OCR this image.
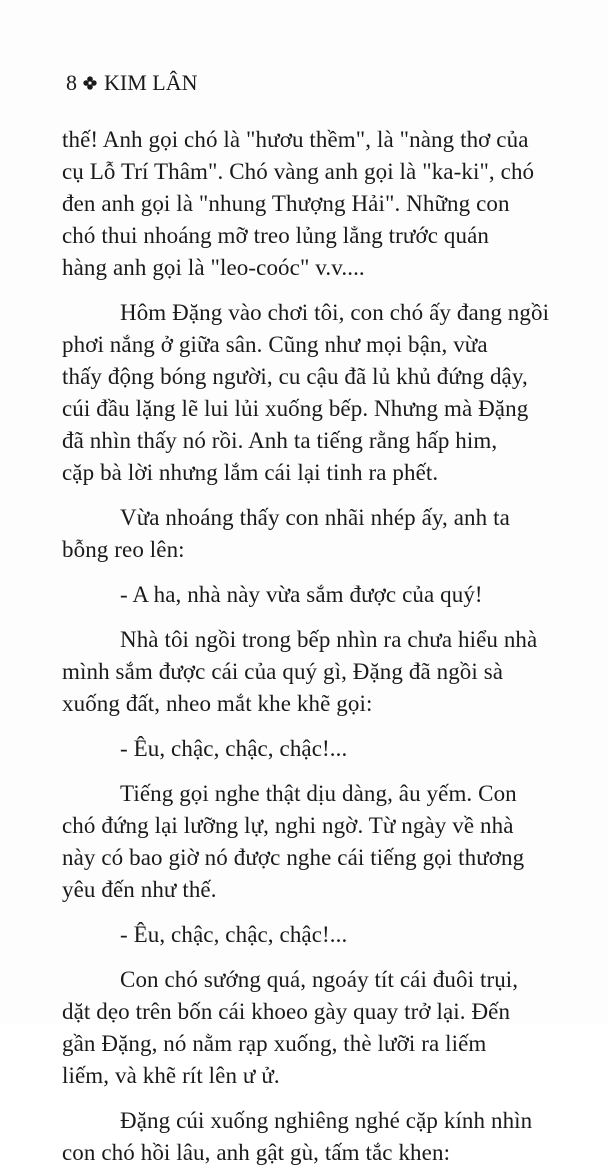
8 KIM LÂN
thế! Anh gọi chó là "hươu thềm", là "nàng thơ của
cụ Lỗ Trí Thâm". Chó vàng anh gọi là "ka-ki", chó
đen anh gọi là "nhung Thượng Hải". Những con
chó thui nhoáng mỡ treo lủng lẳng trước quán
hàng anh gọi là "leo-coóc" v.v....
Hôm Đặng vào chơi tôi, con chó ấy đang ngồi
phơi nắng ở giữa sân. Cũng như mọi bận, vừa
thấy động bóng người, cu cậu đã lủ khủ đứng dậy,
cúi đầu lặng lẽ lui lủi xuống bếp. Nhưng mà Đặng
đã nhìn thấy nó rồi. Anh ta tiếng rằng hấp him,
cặp bà lời nhưng lắm cái lại tinh ra phết.
Vừa nhoáng thấy con nhãi nhép ấy, anh ta
bỗng reo lên:
- A ha, nhà này vừa sắm được của quý!
Nhà tôi ngồi trong bếp nhìn ra chưa hiểu nhà
mình sắm được cái của quý gì, Đặng đã ngồi sà
xuống đất, nheo mắt khe khẽ gọi:
- Êu, chậc, chậc, chậc!...
Tiếng gọi nghe thật dịu dàng, âu yếm. Con
chó đứng lại lưỡng lự, nghi ngờ. Từ ngày về nhà
này có bao giờ nó được nghe cái tiếng gọi thương
yêu đến như thế.
- Êu, chậc, chậc, chậc!...
Con chó sướng quá, ngoáy tít cái đuôi trụi,
dặt dẹo trên bốn cái khoeo gày quay trở lại. Đến
gần Đặng, nó nằm rạp xuống, thè lưỡi ra liếm
liếm, và khẽ rít lên ư ử.
Đặng cúi xuống nghiêng nghé cặp kính nhìn
con chó hồi lâu, anh gật gù, tấm tắc khen:
